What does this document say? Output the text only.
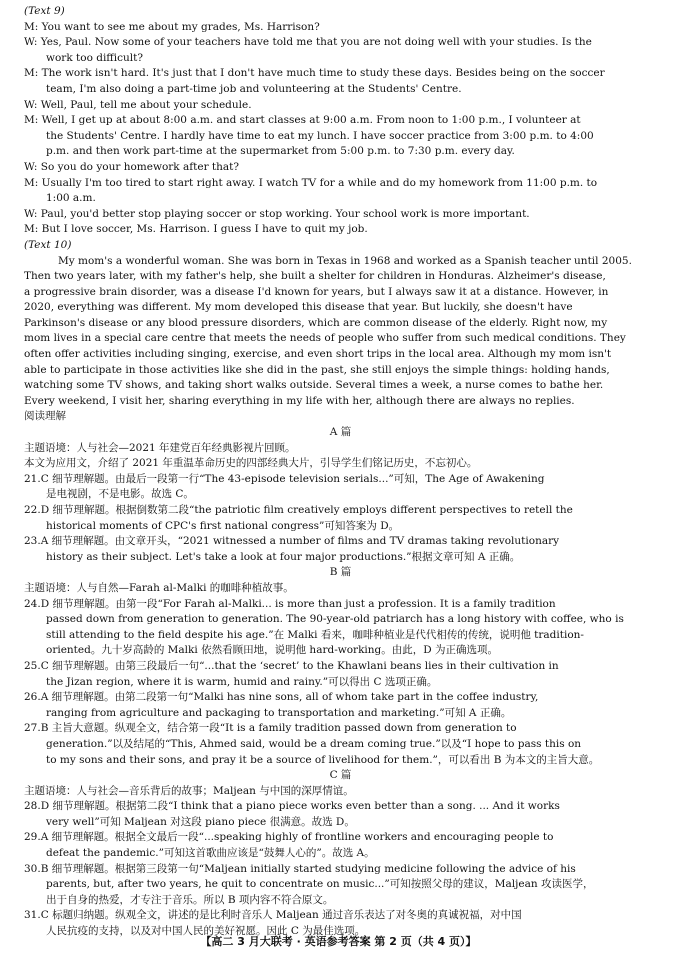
(Text 9)

M: You want to see me about my grades, Ms. Harrison?

W: Yes, Paul. Now some of your teachers have told me that you are not doing well with your studies. Is the

work too difficult?

M: The work isn't hard. It's just that I don't have much time to study these days. Besides being on the soccer

team, I'm also doing a part-time job and volunteering at the Students' Centre.

W: Well, Paul, tell me about your schedule.

M: Well, I get up at about 8:00 a.m. and start classes at 9:00 a.m. From noon to 1:00 p.m., I volunteer at

the Students' Centre. I hardly have time to eat my lunch. I have soccer practice from 3:00 p.m. to 4:00

p.m. and then work part-time at the supermarket from 5:00 p.m. to 7:30 p.m. every day.

W: So you do your homework after that?

M: Usually I'm too tired to start right away. I watch TV for a while and do my homework from 11:00 p.m. to

1:00 a.m.

W: Paul, you'd better stop playing soccer or stop working. Your school work is more important.

M: But I love soccer, Ms. Harrison. I guess I have to quit my job.

(Text 10)

My mom's a wonderful woman. She was born in Texas in 1968 and worked as a Spanish teacher until 2005.

Then two years later, with my father's help, she built a shelter for children in Honduras. Alzheimer's disease,

a progressive brain disorder, was a disease I'd known for years, but I always saw it at a distance. However, in

2020, everything was different. My mom developed this disease that year. But luckily, she doesn't have

Parkinson's disease or any blood pressure disorders, which are common disease of the elderly. Right now, my

mom lives in a special care centre that meets the needs of people who suffer from such medical conditions. They

often offer activities including singing, exercise, and even short trips in the local area. Although my mom isn't

able to participate in those activities like she did in the past, she still enjoys the simple things: holding hands,

watching some TV shows, and taking short walks outside. Several times a week, a nurse comes to bathe her.

Every weekend, I visit her, sharing everything in my life with her, although there are always no replies.

阅读理解

A 篇

主题语境：人与社会—2021 年建党百年经典影视片回顾。

本文为应用文，介绍了 2021 年重温革命历史的四部经典大片，引导学生们铭记历史，不忘初心。

21.C 细节理解题。由最后一段第一行“The 43-episode television serials...”可知，The Age of Awakening

是电视剧，不是电影。故选 C。

22.D 细节理解题。根据倒数第二段“the patriotic film creatively employs different perspectives to retell the

historical moments of CPC's first national congress”可知答案为 D。

23.A 细节理解题。由文章开头，“2021 witnessed a number of films and TV dramas taking revolutionary

history as their subject. Let's take a look at four major productions.”根据文章可知 A 正确。

B 篇

主题语境：人与自然—Farah al-Malki 的咖啡种植故事。

24.D 细节理解题。由第一段“For Farah al-Malki... is more than just a profession. It is a family tradition

passed down from generation to generation. The 90-year-old patriarch has a long history with coffee, who is

still attending to the field despite his age.”在 Malki 看来，咖啡种植业是代代相传的传统，说明他 tradition-

oriented。九十岁高龄的 Malki 依然看顾田地，说明他 hard-working。由此，D 为正确选项。

25.C 细节理解题。由第三段最后一句“...that the ‘secret’ to the Khawlani beans lies in their cultivation in

the Jizan region, where it is warm, humid and rainy.”可以得出 C 选项正确。

26.A 细节理解题。由第二段第一句“Malki has nine sons, all of whom take part in the coffee industry,

ranging from agriculture and packaging to transportation and marketing.”可知 A 正确。

27.B 主旨大意题。纵观全文，结合第一段“It is a family tradition passed down from generation to

generation.”以及结尾的“This, Ahmed said, would be a dream coming true.”以及“I hope to pass this on

to my sons and their sons, and pray it be a source of livelihood for them.”，可以看出 B 为本文的主旨大意。

C 篇

主题语境：人与社会—音乐背后的故事；Maljean 与中国的深厚情谊。

28.D 细节理解题。根据第二段“I think that a piano piece works even better than a song. ... And it works

very well”可知 Maljean 对这段 piano piece 很满意。故选 D。

29.A 细节理解题。根据全文最后一段“...speaking highly of frontline workers and encouraging people to

defeat the pandemic.”可知这首歌曲应该是“鼓舞人心的”。故选 A。

30.B 细节理解题。根据第三段第一句“Maljean initially started studying medicine following the advice of his

parents, but, after two years, he quit to concentrate on music...”可知按照父母的建议，Maljean 攻读医学，

出于自身的热爱，才专注于音乐。所以 B 项内容不符合原文。

31.C 标题归纳题。纵观全文，讲述的是比利时音乐人 Maljean 通过音乐表达了对冬奥的真诚祝福，对中国

人民抗疫的支持，以及对中国人民的美好祝愿。因此 C 为最佳选项。

【高二 3 月大联考 · 英语参考答案 第 2 页（共 4 页）】
